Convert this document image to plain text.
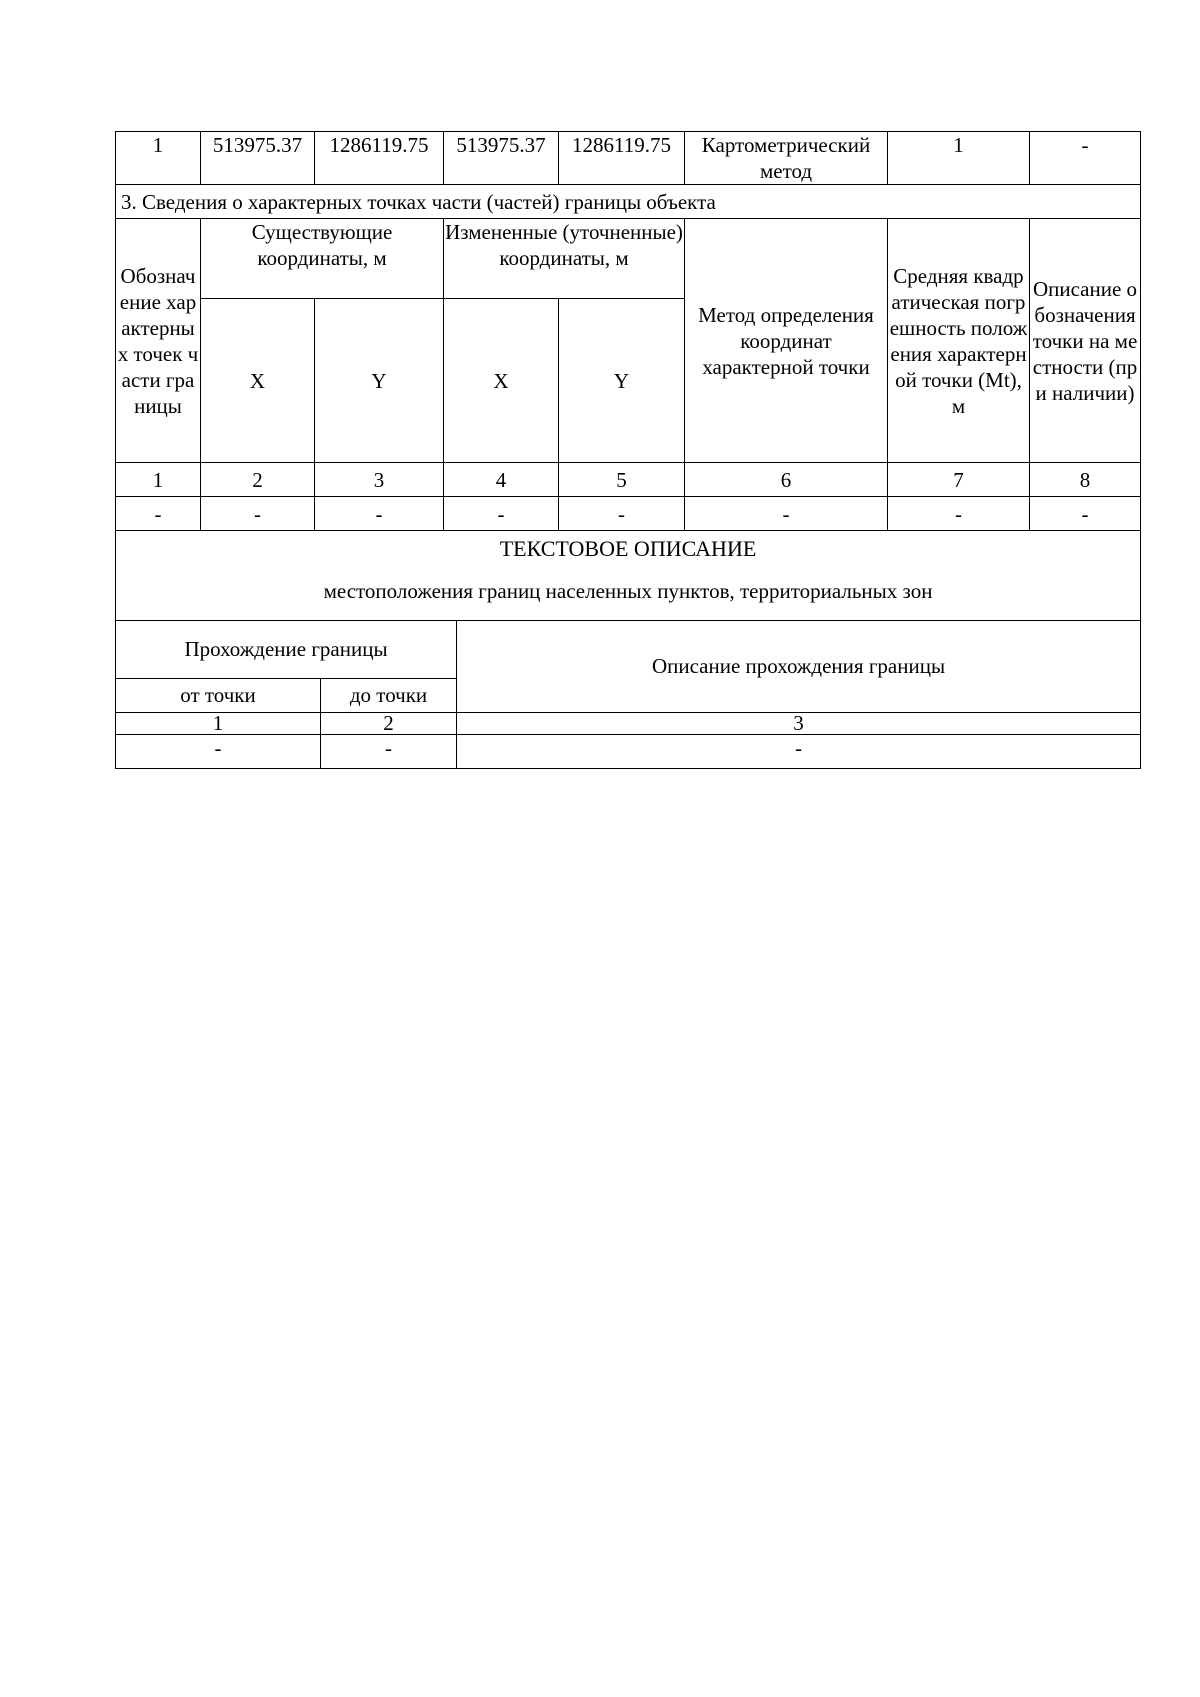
1	513975.37	1286119.75	513975.37	1286119.75	Картометрический метод	1	-
3. Сведения о характерных точках части (частей) границы объекта							
Обозначение характерных точек части границы	Существующие координаты, м		Измененные (уточненные) координаты, м		Метод определения координат характерной точки	Средняя квадратическая погрешность положения характерной точки (Mt), м	Описание обозначения точки на местности (при наличии)
	X	Y	X	Y			
1	2	3	4	5	6	7	8
-	-	-	-	-	-	-	-

ТЕКСТОВОЕ ОПИСАНИЕ
местоположения границ населенных пунктов, территориальных зон							
Прохождение границы		Описание прохождения границы
от точки	до точки	
1	2	3
-	-	-
